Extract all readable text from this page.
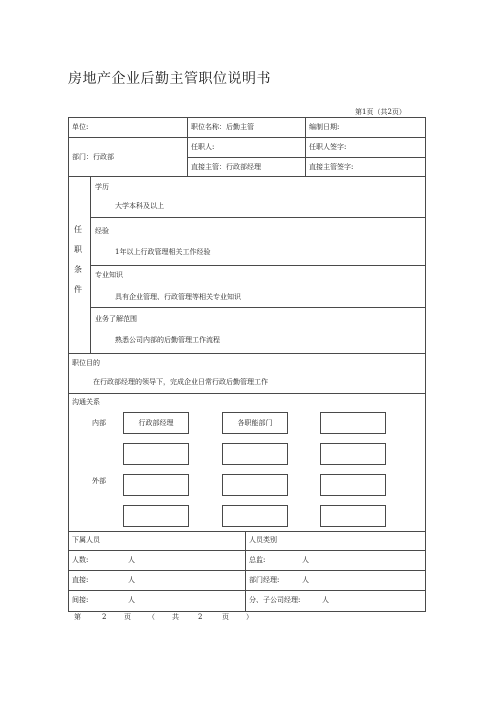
房地产企业后勤主管职位说明书
第1页（共2页）
单位:	职位名称：后勤主管	编制日期:
部门：行政部
任职人:	任职人签字:
直接主管：行政部经理	直接主管签字:
任
职
条
件
学历
大学本科及以上
经验
1年以上行政管理相关工作经验
专业知识
具有企业管理、行政管理等相关专业知识
业务了解范围
熟悉公司内部的后勤管理工作流程
职位目的
在行政部经理的领导下，完成企业日常行政后勤管理工作
沟通关系
内部
外部
行政部经理	各职能部门
下属人员	人员类别
人数:	人	总监:	人
直接:	人	部门经理:	人
间接:	人	分、子公司经理:	人
第	2	页 （ 共	2	页 ）
